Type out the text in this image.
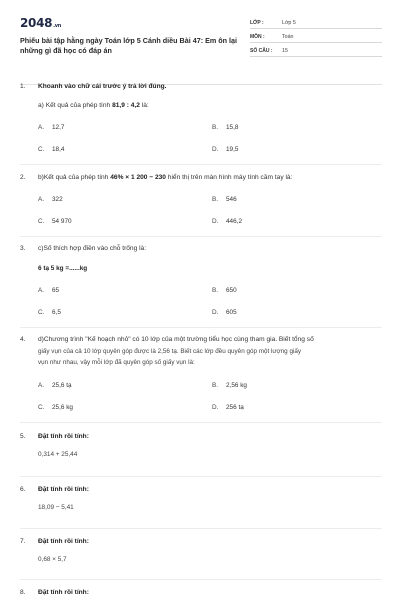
2048.vn
Phiếu bài tập hằng ngày Toán lớp 5 Cánh diều Bài 47: Em ôn lại những gì đã học có đáp án
LỚP :	Lớp 5
MÔN :	Toán
SỐ CÂU :	15
1.	Khoanh vào chữ cái trước ý trả lời đúng.
a) Kết quả của phép tính 81,9 : 4,2 là:
A.	12,7	B.	15,8
C.	18,4	D.	19,5
2.	b)Kết quả của phép tính 46% × 1 200 − 230 hiển thị trên màn hình máy tính cầm tay là:
A.	322	B.	546
C.	54 970	D.	446,2
3.	c)Số thích hợp điền vào chỗ trống là:
6 tạ 5 kg =......kg
A.	65	B.	650
C.	6,5	D.	605
4.	d)Chương trình "Kế hoạch nhỏ" có 10 lớp của một trường tiểu học cùng tham gia. Biết tổng số
giấy vụn của cả 10 lớp quyên góp được là 2,56 tạ. Biết các lớp đều quyên góp một lượng giấy
vụn như nhau, vậy mỗi lớp đã quyên góp số giấy vụn là:
A.	25,6 tạ	B.	2,56 kg
C.	25,6 kg	D.	256 tạ
5.	Đặt tính rồi tính:
0,314 + 25,44
6.	Đặt tính rồi tính:
18,09 − 5,41
7.	Đặt tính rồi tính:
0,68 × 5,7
8.	Đặt tính rồi tính:
